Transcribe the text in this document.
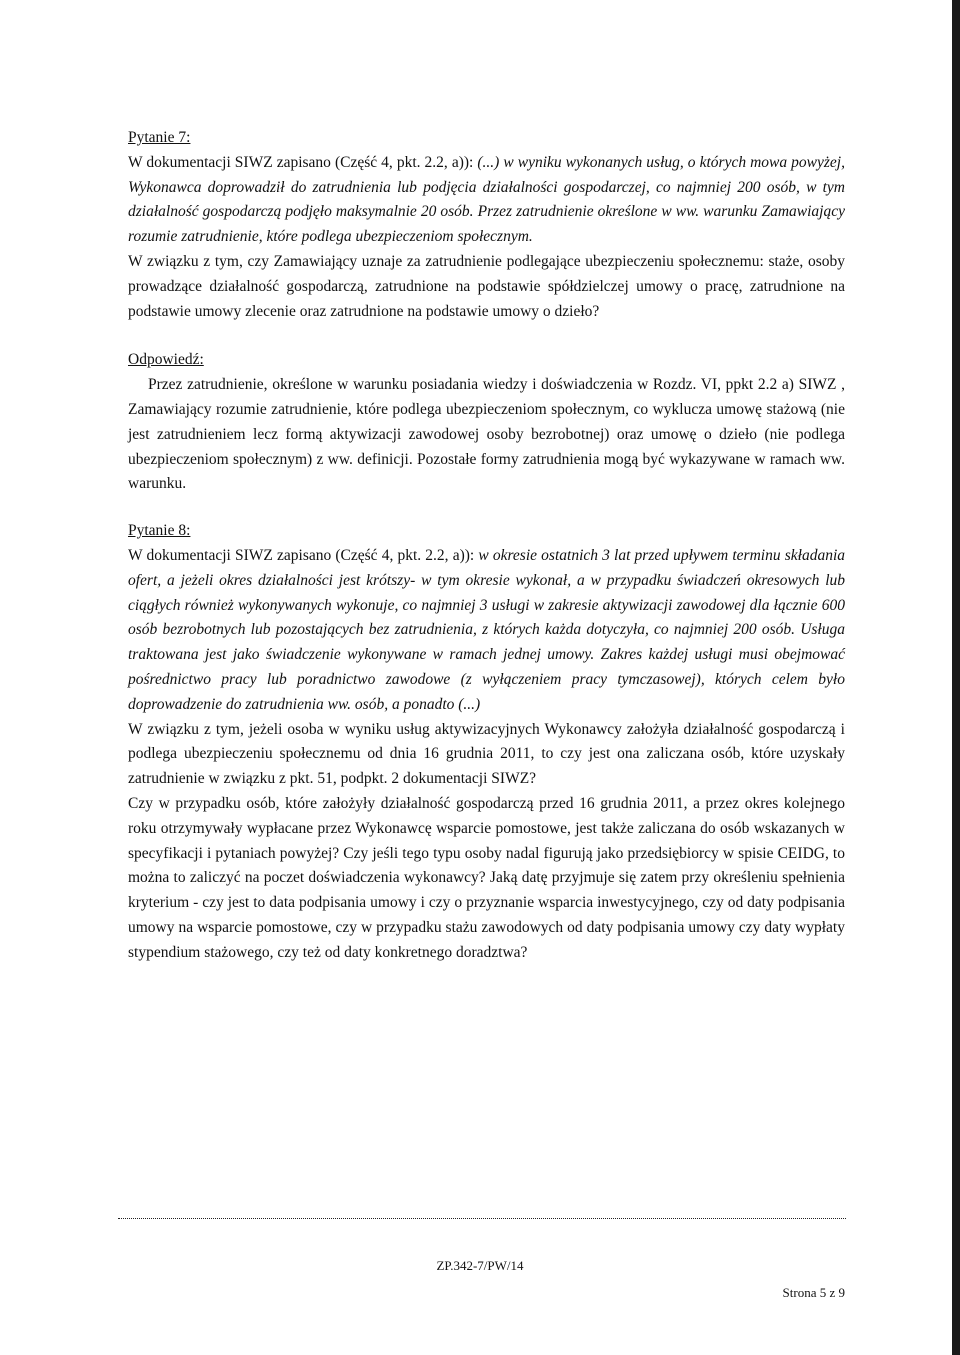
Pytanie 7:

W dokumentacji SIWZ zapisano (Część 4, pkt. 2.2, a)): (...) w wyniku wykonanych usług, o których mowa powyżej, Wykonawca doprowadził do zatrudnienia lub podjęcia działalności gospodarczej, co najmniej 200 osób, w tym działalność gospodarczą podjęło maksymalnie 20 osób. Przez zatrudnienie określone w ww. warunku Zamawiający rozumie zatrudnienie, które podlega ubezpieczeniom społecznym.

W związku z tym, czy Zamawiający uznaje za zatrudnienie podlegające ubezpieczeniu społecznemu: staże, osoby prowadzące działalność gospodarczą, zatrudnione na podstawie spółdzielczej umowy o pracę, zatrudnione na podstawie umowy zlecenie oraz zatrudnione na podstawie umowy o dzieło?

Odpowiedź:

Przez zatrudnienie, określone w warunku posiadania wiedzy i doświadczenia w Rozdz. VI, ppkt 2.2 a) SIWZ , Zamawiający rozumie zatrudnienie, które podlega ubezpieczeniom społecznym, co wyklucza umowę stażową (nie jest zatrudnieniem lecz formą aktywizacji zawodowej osoby bezrobotnej) oraz umowę o dzieło (nie podlega ubezpieczeniom społecznym) z ww. definicji. Pozostałe formy zatrudnienia mogą być wykazywane w ramach ww. warunku.

Pytanie 8:

W dokumentacji SIWZ zapisano (Część 4, pkt. 2.2, a)): w okresie ostatnich 3 lat przed upływem terminu składania ofert, a jeżeli okres działalności jest krótszy- w tym okresie wykonał, a w przypadku świadczeń okresowych lub ciągłych również wykonywanych wykonuje, co najmniej 3 usługi w zakresie aktywizacji zawodowej dla łącznie 600 osób bezrobotnych lub pozostających bez zatrudnienia, z których każda dotyczyła, co najmniej 200 osób. Usługa traktowana jest jako świadczenie wykonywane w ramach jednej umowy. Zakres każdej usługi musi obejmować pośrednictwo pracy lub poradnictwo zawodowe (z wyłączeniem pracy tymczasowej), których celem było doprowadzenie do zatrudnienia ww. osób, a ponadto (...)

W związku z tym, jeżeli osoba w wyniku usług aktywizacyjnych Wykonawcy założyła działalność gospodarczą i podlega ubezpieczeniu społecznemu od dnia 16 grudnia 2011, to czy jest ona zaliczana osób, które uzyskały zatrudnienie w związku z pkt. 51, podpkt. 2 dokumentacji SIWZ?

Czy w przypadku osób, które założyły działalność gospodarczą przed 16 grudnia 2011, a przez okres kolejnego roku otrzymywały wypłacane przez Wykonawcę wsparcie pomostowe, jest także zaliczana do osób wskazanych w specyfikacji i pytaniach powyżej? Czy jeśli tego typu osoby nadal figurują jako przedsiębiorcy w spisie CEIDG, to można to zaliczyć na poczet doświadczenia wykonawcy? Jaką datę przyjmuje się zatem przy określeniu spełnienia kryterium - czy jest to data podpisania umowy i czy o przyznanie wsparcia inwestycyjnego, czy od daty podpisania umowy na wsparcie pomostowe, czy w przypadku stażu zawodowych od daty podpisania umowy czy daty wypłaty stypendium stażowego, czy też od daty konkretnego doradztwa?

ZP.342-7/PW/14
Strona 5 z 9
